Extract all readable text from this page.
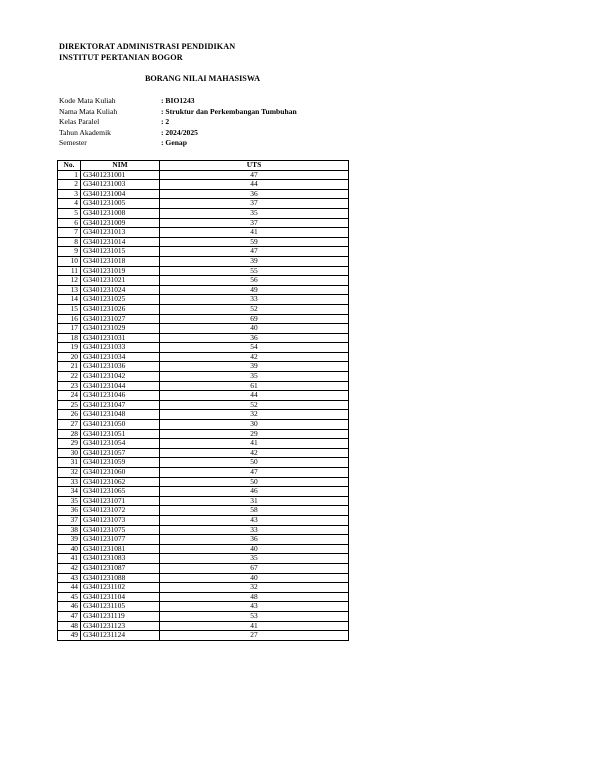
DIREKTORAT ADMINISTRASI PENDIDIKAN
INSTITUT PERTANIAN BOGOR
BORANG NILAI MAHASISWA
Kode Mata Kuliah	: BIO1243
Nama Mata Kuliah	: Struktur dan Perkembangan Tumbuhan
Kelas Paralel	: 2
Tahun Akademik	: 2024/2025
Semester	: Genap
No.	NIM	UTS
1	G3401231001	47
2	G3401231003	44
3	G3401231004	36
4	G3401231005	37
5	G3401231008	35
6	G3401231009	37
7	G3401231013	41
8	G3401231014	59
9	G3401231015	47
10	G3401231018	39
11	G3401231019	55
12	G3401231021	56
13	G3401231024	49
14	G3401231025	33
15	G3401231026	52
16	G3401231027	69
17	G3401231029	40
18	G3401231031	36
19	G3401231033	54
20	G3401231034	42
21	G3401231036	39
22	G3401231042	35
23	G3401231044	61
24	G3401231046	44
25	G3401231047	52
26	G3401231048	32
27	G3401231050	30
28	G3401231051	29
29	G3401231054	41
30	G3401231057	42
31	G3401231059	50
32	G3401231060	47
33	G3401231062	50
34	G3401231065	46
35	G3401231071	31
36	G3401231072	58
37	G3401231073	43
38	G3401231075	33
39	G3401231077	36
40	G3401231081	40
41	G3401231083	35
42	G3401231087	67
43	G3401231088	40
44	G3401231102	32
45	G3401231104	48
46	G3401231105	43
47	G3401231119	53
48	G3401231123	41
49	G3401231124	27
